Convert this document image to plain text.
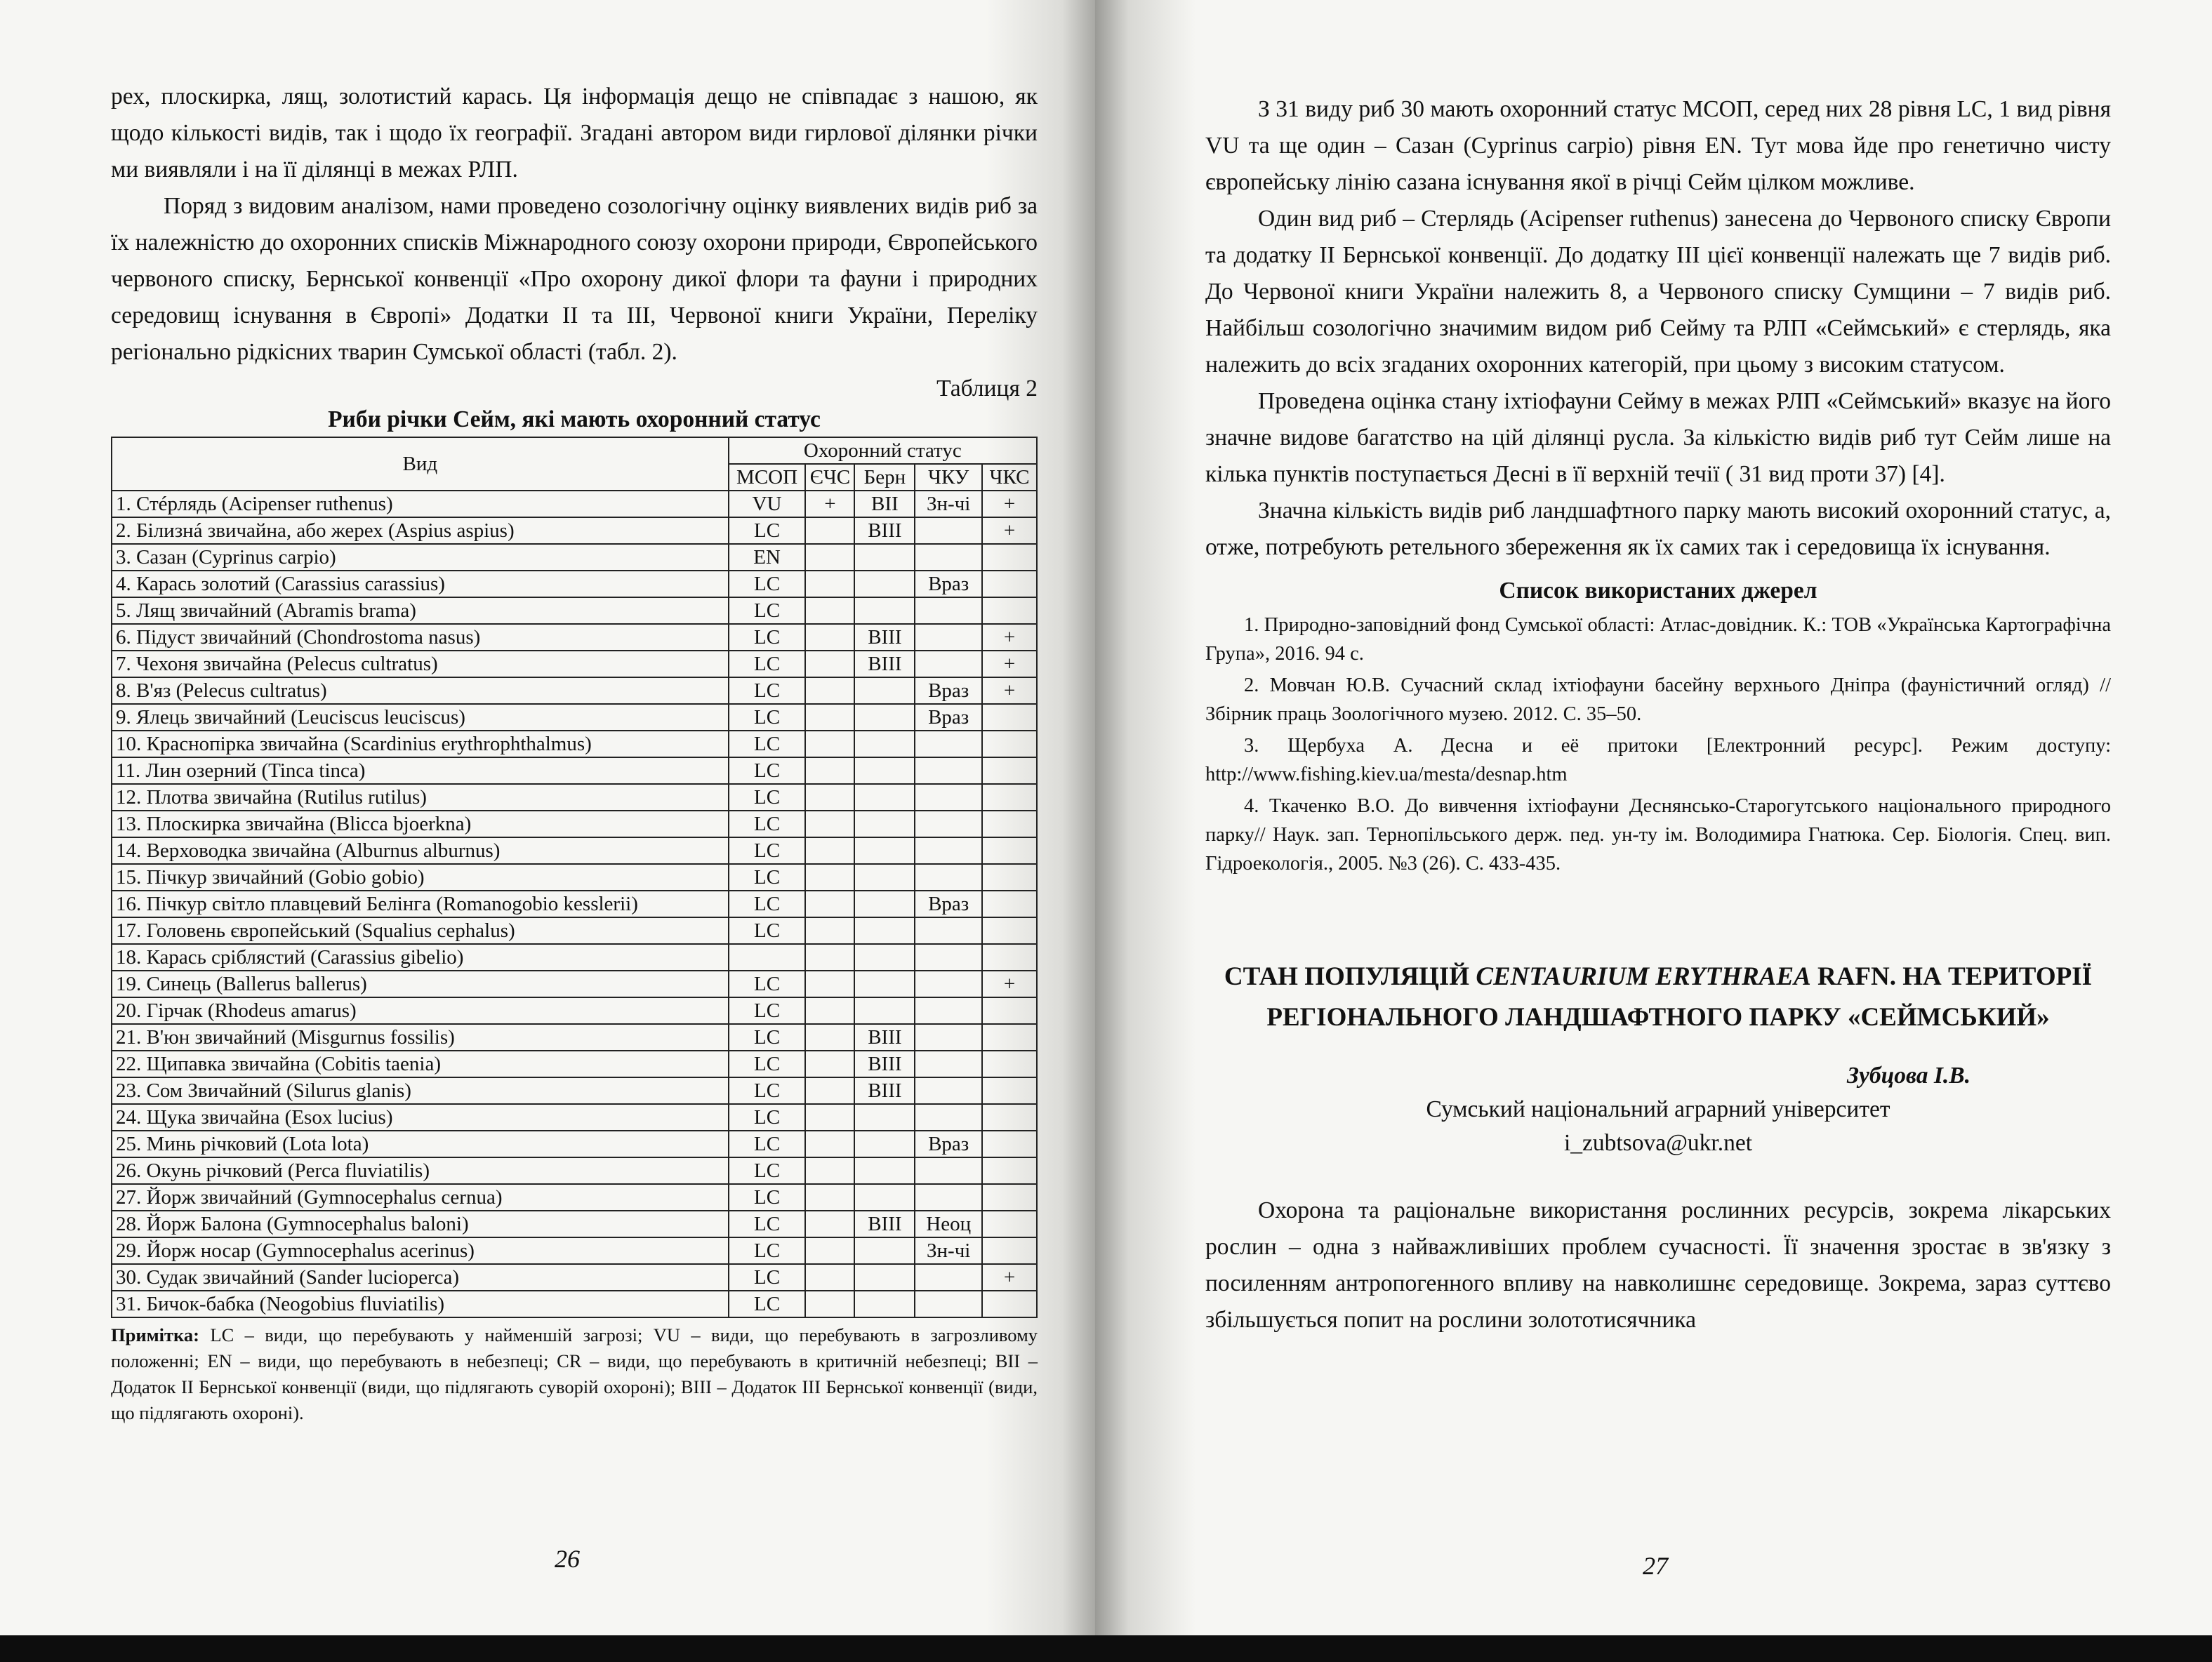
рех, плоскирка, лящ, золотистий карась. Ця інформація дещо не співпадає з нашою, як щодо кількості видів, так і щодо їх географії. Згадані автором види гирлової ділянки річки ми виявляли і на її ділянці в межах РЛП.

Поряд з видовим аналізом, нами проведено созологічну оцінку виявлених видів риб за їх належністю до охоронних списків Міжнародного союзу охорони природи, Європейського червоного списку, Бернської конвенції «Про охорону дикої флори та фауни і природних середовищ існування в Європі» Додатки II та III, Червоної книги України, Переліку регіонально рідкісних тварин Сумської області (табл. 2).

Таблиця 2
Риби річки Сейм, які мають охоронний статус
Вид	Охоронний статус				
	МСОП	ЄЧС	Берн	ЧКУ	ЧКС
1. Стéрлядь (Acipenser ruthenus)	VU	+	BII	Зн-чі	+
2. Білизнá звичайна, або жерех (Aspius aspius)	LC		BIII		+
3. Сазан (Cyprinus carpio)	EN				
4. Карась золотий (Carassius carassius)	LC			Враз	
5. Лящ звичайний (Abramis brama)	LC				
6. Підуст звичайний (Chondrostoma nasus)	LC		BIII		+
7. Чехоня звичайна (Pelecus cultratus)	LC		BIII		+
8. В'яз (Pelecus cultratus)	LC			Враз	+
9. Ялець звичайний (Leuciscus leuciscus)	LC			Враз	
10. Краснопірка звичайна (Scardinius erythrophthalmus)	LC				
11. Лин озерний (Tinca tinca)	LC				
12. Плотва звичайна (Rutilus rutilus)	LC				
13. Плоскирка звичайна (Blicca bjoerkna)	LC				
14. Верховодка звичайна (Alburnus alburnus)	LC				
15. Пічкур звичайний (Gobio gobio)	LC				
16. Пічкур світло плавцевий Белінга (Romanogobio kesslerii)	LC			Враз	
17. Головень європейський (Squalius cephalus)	LC				
18. Карась сріблястий (Carassius gibelio)					
19. Синець (Ballerus ballerus)	LC				+
20. Гірчак (Rhodeus amarus)	LC				
21. В'юн звичайний (Misgurnus fossilis)	LC		BIII		
22. Щипавка звичайна (Cobitis taenia)	LC		BIII		
23. Сом Звичайний (Silurus glanis)	LC		BIII		
24. Щука звичайна (Esox lucius)	LC				
25. Минь річковий (Lota lota)	LC			Враз	
26. Окунь річковий (Perca fluviatilis)	LC				
27. Йорж звичайний (Gymnocephalus cernua)	LC				
28. Йорж Балона (Gymnocephalus baloni)	LC		BIII	Неоц	
29. Йорж носар (Gymnocephalus acerinus)	LC			Зн-чі	
30. Судак звичайний (Sander lucioperca)	LC				+
31. Бичок-бабка (Neogobius fluviatilis)	LC				
Примітка: LC – види, що перебувають у найменшій загрозі; VU – види, що перебувають в загрозливому положенні; EN – види, що перебувають в небезпеці; CR – види, що перебувають в критичній небезпеці; BII – Додаток II Бернської конвенції (види, що підлягають суворій охороні); BIII – Додаток III Бернської конвенції (види, що підлягають охороні).
26	27

З 31 виду риб 30 мають охоронний статус МСОП, серед них 28 рівня LC, 1 вид рівня VU та ще один – Сазан (Cyprinus carpio) рівня EN. Тут мова йде про генетично чисту європейську лінію сазана існування якої в річці Сейм цілком можливе.

Один вид риб – Стерлядь (Acipenser ruthenus) занесена до Червоного списку Європи та додатку II Бернської конвенції. До додатку III цієї конвенції належать ще 7 видів риб. До Червоної книги України належить 8, а Червоного списку Сумщини – 7 видів риб. Найбільш созологічно значимим видом риб Сейму та РЛП «Сеймський» є стерлядь, яка належить до всіх згаданих охоронних категорій, при цьому з високим статусом.

Проведена оцінка стану іхтіофауни Сейму в межах РЛП «Сеймський» вказує на його значне видове багатство на цій ділянці русла. За кількістю видів риб тут Сейм лише на кілька пунктів поступається Десні в її верхній течії ( 31 вид проти 37) [4].

Значна кількість видів риб ландшафтного парку мають високий охоронний статус, а, отже, потребують ретельного збереження як їх самих так і середовища їх існування.

Список використаних джерел
1. Природно-заповідний фонд Сумської області: Атлас-довідник. К.: ТОВ «Українська Картографічна Група», 2016. 94 с.
2. Мовчан Ю.В. Сучасний склад іхтіофауни басейну верхнього Дніпра (фауністичний огляд) // Збірник праць Зоологічного музею. 2012. С. 35–50.
3. Щербуха А. Десна и её притоки [Електронний ресурс]. Режим доступу: http://www.fishing.kiev.ua/mesta/desnap.htm
4. Ткаченко В.О. До вивчення іхтіофауни Деснянсько-Старогутського національного природного парку// Наук. зап. Тернопільського держ. пед. ун-ту ім. Володимира Гнатюка. Сер. Біологія. Спец. вип. Гідроекологія., 2005. №3 (26). С. 433-435.
СТАН ПОПУЛЯЦІЙ CENTAURIUM ERYTHRAEA RAFN. НА ТЕРИТОРІЇ
РЕГІОНАЛЬНОГО ЛАНДШАФТНОГО ПАРКУ «СЕЙМСЬКИЙ»
Зубцова І.В.
Сумський національний аграрний університет
i_zubtsova@ukr.net

Охорона та раціональне використання рослинних ресурсів, зокрема лікарських рослин – одна з найважливіших проблем сучасності. Її значення зростає в зв'язку з посиленням антропогенного впливу на навколишнє середовище. Зокрема, зараз суттєво збільшується попит на рослини золототисячника
